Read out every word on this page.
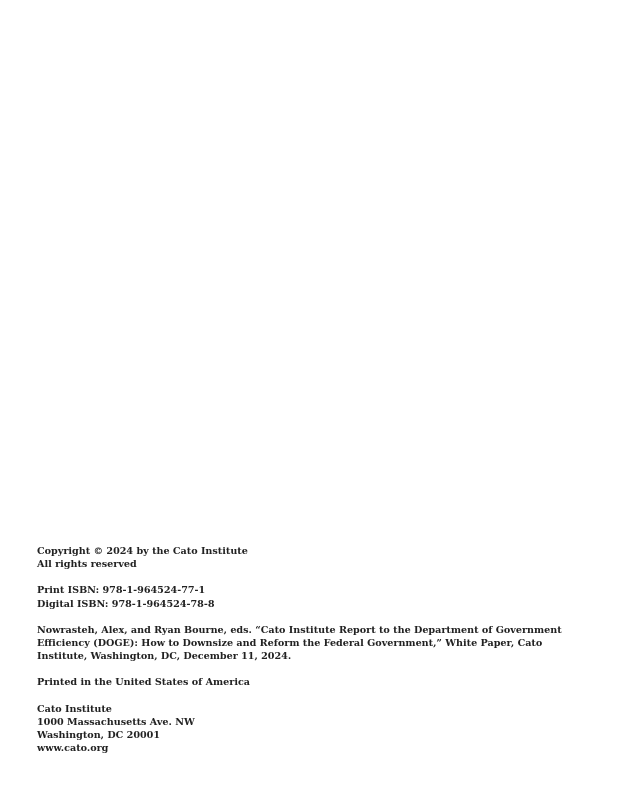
Copyright © 2024 by the Cato Institute
All rights reserved
Print ISBN: 978-1-964524-77-1
Digital ISBN: 978-1-964524-78-8
Nowrasteh, Alex, and Ryan Bourne, eds. “Cato Institute Report to the Department of Government Efficiency (DOGE): How to Downsize and Reform the Federal Government,” White Paper, Cato Institute, Washington, DC, December 11, 2024.
Printed in the United States of America
Cato Institute
1000 Massachusetts Ave. NW
Washington, DC 20001
www.cato.org
